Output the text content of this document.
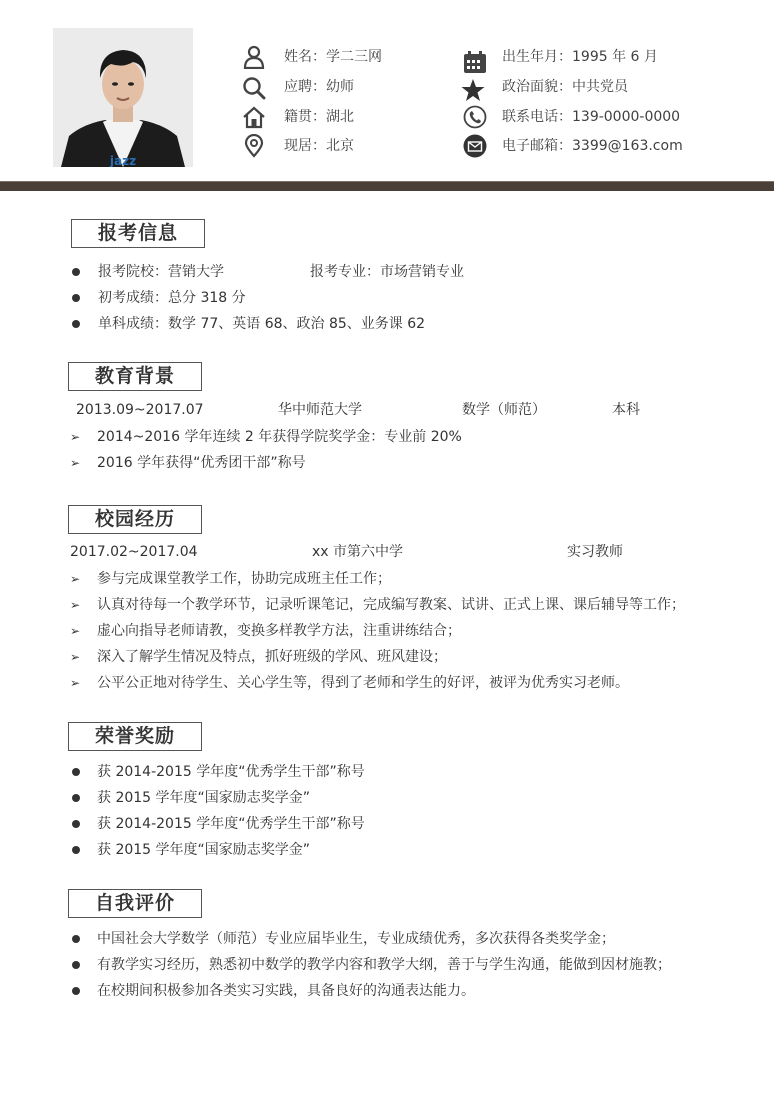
jazz
姓名：学二三网
应聘：幼师
籍贯：湖北
现居：北京
出生年月：1995 年 6 月
政治面貌：中共党员
联系电话：139-0000-0000
电子邮箱：3399@163.com
报考信息
报考院校：营销大学	报考专业：市场营销专业
初考成绩：总分 318 分
单科成绩：数学 77、英语 68、政治 85、业务课 62
教育背景
2013.09~2017.07	华中师范大学	数学（师范）	本科
➢ 2014~2016 学年连续 2 年获得学院奖学金：专业前 20%
➢ 2016 学年获得“优秀团干部”称号
校园经历
2017.02~2017.04	xx 市第六中学	实习教师
➢ 参与完成课堂教学工作，协助完成班主任工作；
➢ 认真对待每一个教学环节，记录听课笔记，完成编写教案、试讲、正式上课、课后辅导等工作；
➢ 虚心向指导老师请教，变换多样教学方法，注重讲练结合；
➢ 深入了解学生情况及特点，抓好班级的学风、班风建设；
➢ 公平公正地对待学生、关心学生等，得到了老师和学生的好评，被评为优秀实习老师。
荣誉奖励
获 2014-2015 学年度“优秀学生干部”称号
获 2015 学年度“国家励志奖学金”
获 2014-2015 学年度“优秀学生干部”称号
获 2015 学年度“国家励志奖学金”
自我评价
中国社会大学数学（师范）专业应届毕业生，专业成绩优秀，多次获得各类奖学金；
有教学实习经历，熟悉初中数学的教学内容和教学大纲，善于与学生沟通，能做到因材施教；
在校期间积极参加各类实习实践，具备良好的沟通表达能力。
